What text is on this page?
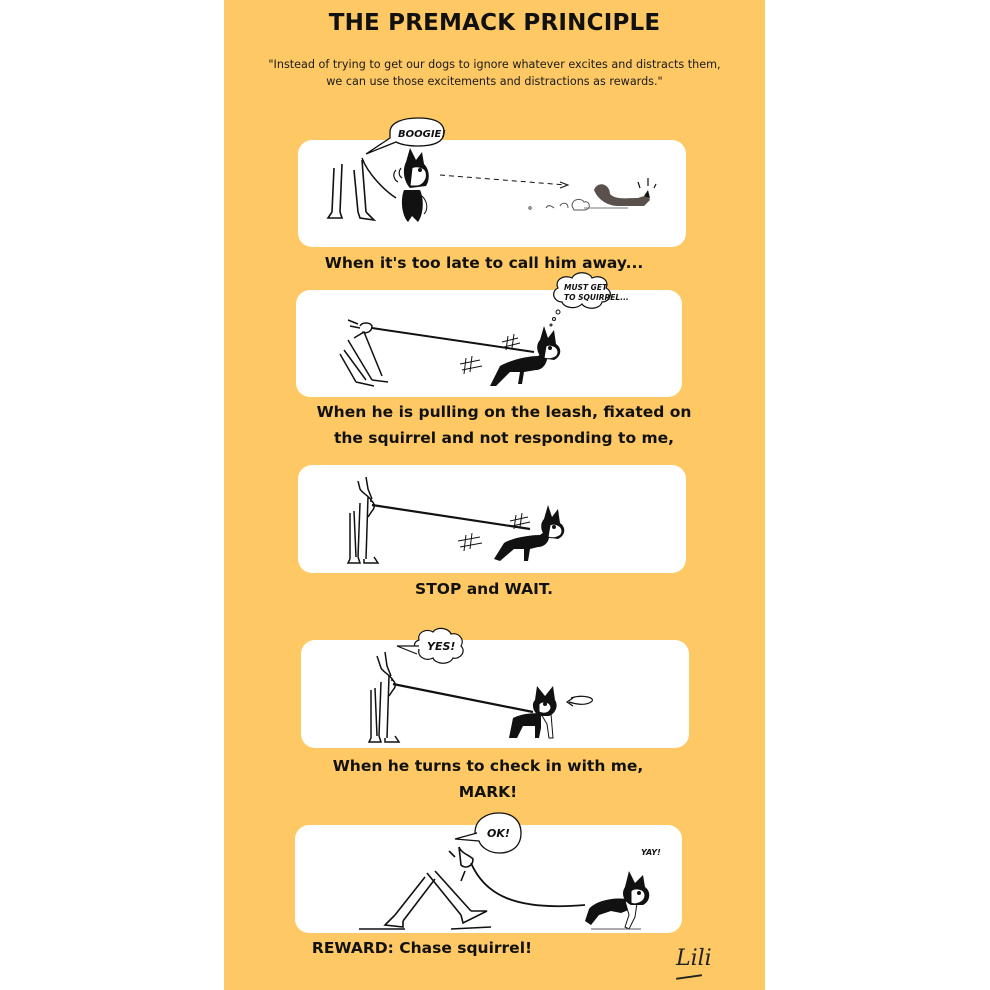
THE PREMACK PRINCIPLE
"Instead of trying to get our dogs to ignore whatever excites and distracts them,
we can use those excitements and distractions as rewards."
BOOGIE!
When it's too late to call him away...
MUST GET
TO SQUIRREL...
When he is pulling on the leash, fixated on
the squirrel and not responding to me,
STOP and WAIT.
YES!
When he turns to check in with me,
MARK!
OK!
YAY!
REWARD: Chase squirrel!	Lili
